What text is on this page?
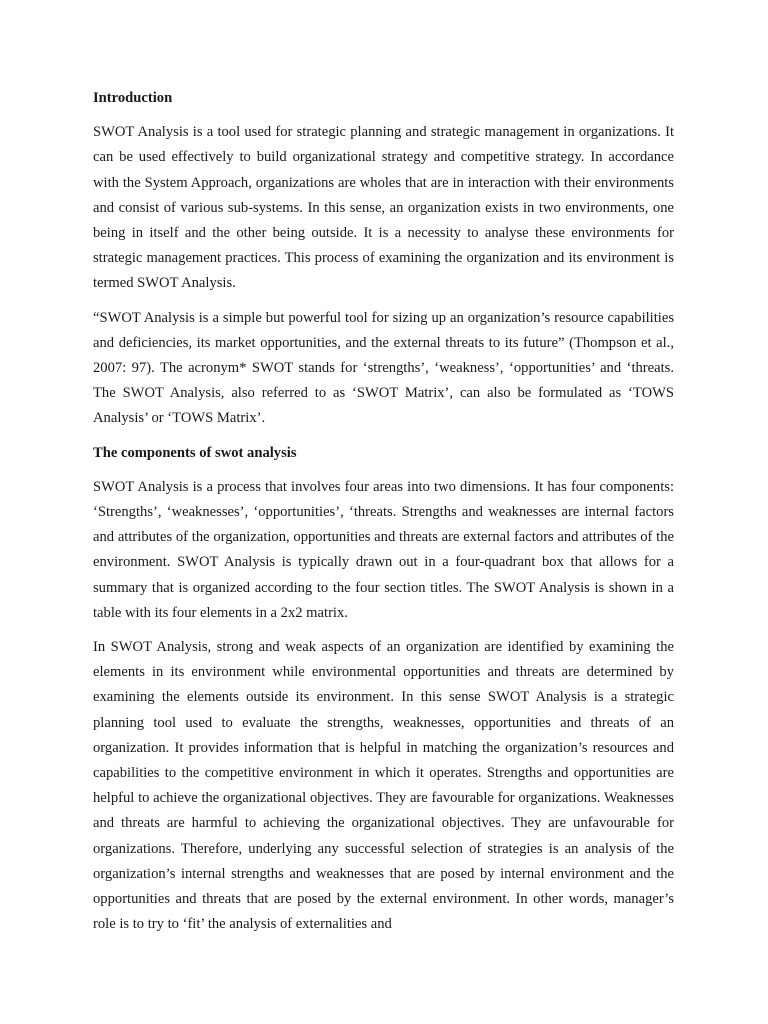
Introduction

SWOT Analysis is a tool used for strategic planning and strategic management in organizations. It can be used effectively to build organizational strategy and competitive strategy. In accordance with the System Approach, organizations are wholes that are in interaction with their environments and consist of various sub-systems. In this sense, an organization exists in two environments, one being in itself and the other being outside. It is a necessity to analyse these environments for strategic management practices. This process of examining the organization and its environment is termed SWOT Analysis.

“SWOT Analysis is a simple but powerful tool for sizing up an organization’s resource capabilities and deficiencies, its market opportunities, and the external threats to its future” (Thompson et al., 2007: 97). The acronym* SWOT stands for ‘strengths’, ‘weakness’, ‘opportunities’ and ‘threats. The SWOT Analysis, also referred to as ‘SWOT Matrix’, can also be formulated as ‘TOWS Analysis’ or ‘TOWS Matrix’.

The components of swot analysis

SWOT Analysis is a process that involves four areas into two dimensions. It has four components: ‘Strengths’, ‘weaknesses’, ‘opportunities’, ‘threats. Strengths and weaknesses are internal factors and attributes of the organization, opportunities and threats are external factors and attributes of the environment. SWOT Analysis is typically drawn out in a four-quadrant box that allows for a summary that is organized according to the four section titles. The SWOT Analysis is shown in a table with its four elements in a 2x2 matrix.

In SWOT Analysis, strong and weak aspects of an organization are identified by examining the elements in its environment while environmental opportunities and threats are determined by examining the elements outside its environment. In this sense SWOT Analysis is a strategic planning tool used to evaluate the strengths, weaknesses, opportunities and threats of an organization. It provides information that is helpful in matching the organization’s resources and capabilities to the competitive environment in which it operates. Strengths and opportunities are helpful to achieve the organizational objectives. They are favourable for organizations. Weaknesses and threats are harmful to achieving the organizational objectives. They are unfavourable for organizations. Therefore, underlying any successful selection of strategies is an analysis of the organization’s internal strengths and weaknesses that are posed by internal environment and the opportunities and threats that are posed by the external environment. In other words, manager’s role is to try to ‘fit’ the analysis of externalities and
